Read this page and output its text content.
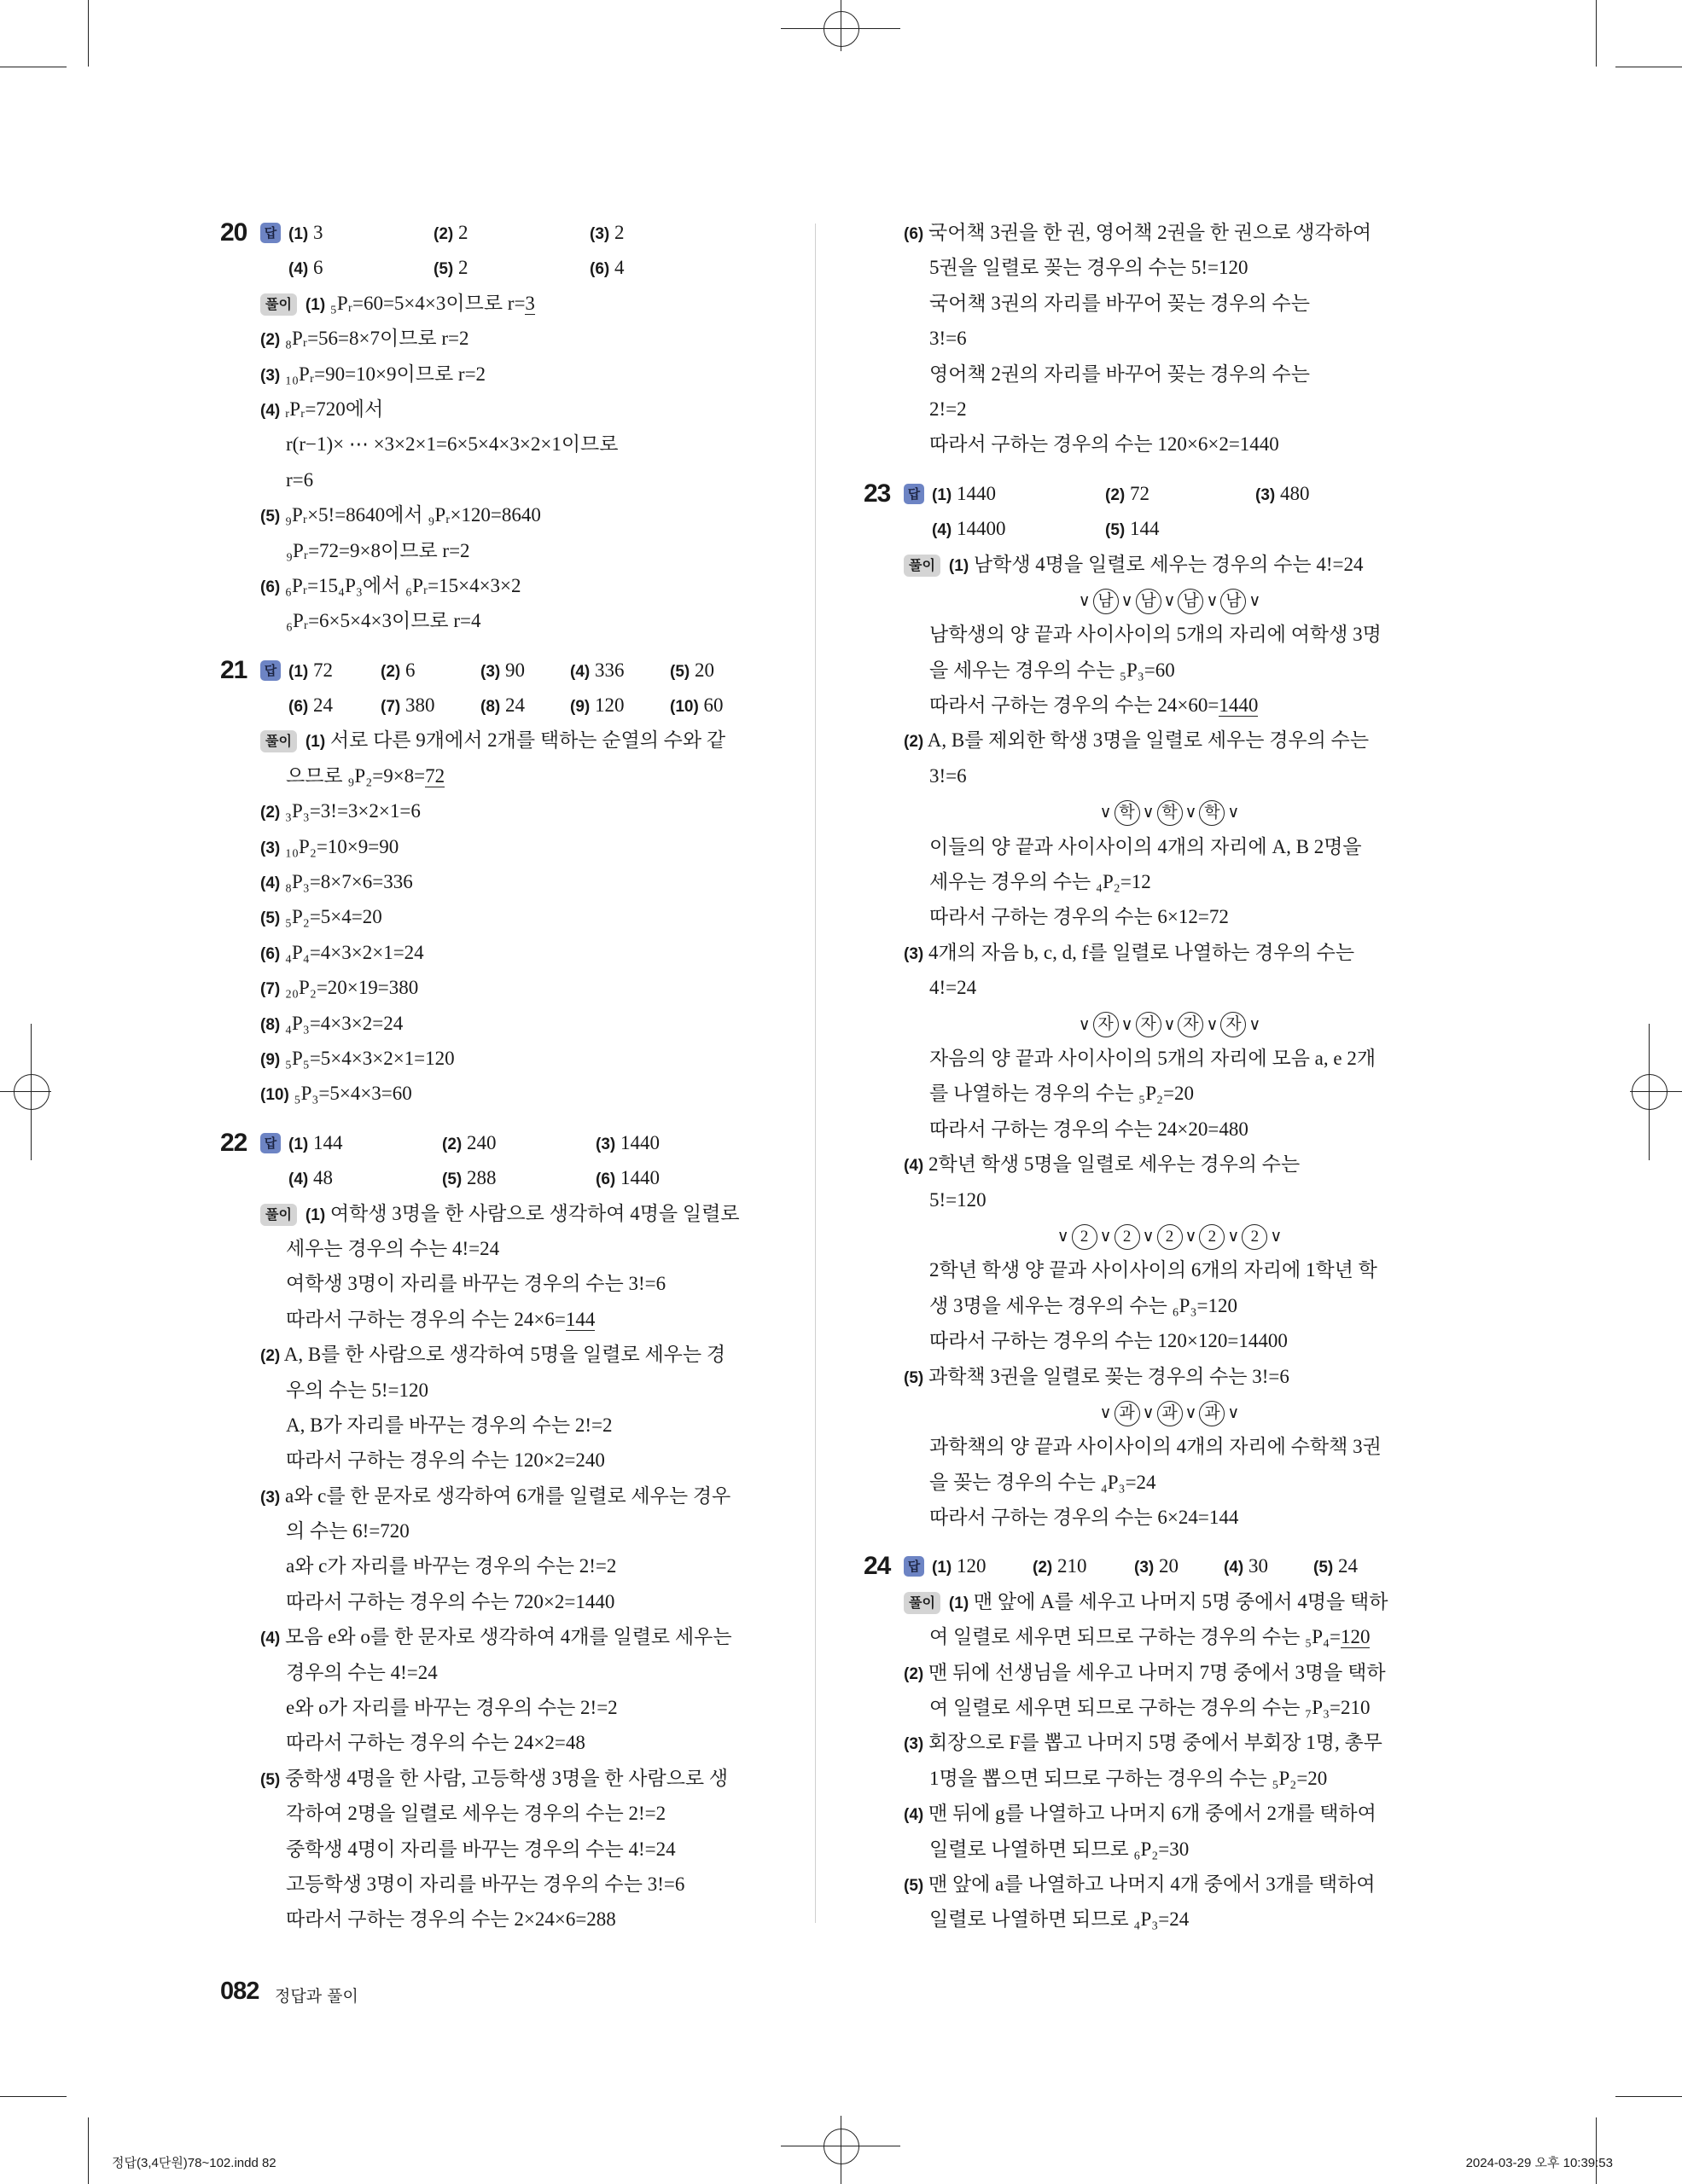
20	답 (1) 3	(2) 2	(3) 2
(4) 6	(5) 2	(6) 4
풀이 (1) ₅Pᵣ=60=5×4×3이므로 r=3
(2) ₈Pᵣ=56=8×7이므로 r=2
(3) ₁₀Pᵣ=90=10×9이므로 r=2
(4) ᵣPᵣ=720에서
r(r−1)× ⋯ ×3×2×1=6×5×4×3×2×1이므로
r=6
(5) ₉Pᵣ×5!=8640에서 ₉Pᵣ×120=8640
₉Pᵣ=72=9×8이므로 r=2
(6) ₆Pᵣ=15₄P₃에서 ₆Pᵣ=15×4×3×2
₆Pᵣ=6×5×4×3이므로 r=4
21	답 (1) 72	(2) 6	(3) 90	(4) 336	(5) 20
(6) 24	(7) 380	(8) 24	(9) 120	(10) 60
풀이 (1) 서로 다른 9개에서 2개를 택하는 순열의 수와 같
으므로 ₉P₂=9×8=72
(2) ₃P₃=3!=3×2×1=6
(3) ₁₀P₂=10×9=90
(4) ₈P₃=8×7×6=336
(5) ₅P₂=5×4=20
(6) ₄P₄=4×3×2×1=24
(7) ₂₀P₂=20×19=380
(8) ₄P₃=4×3×2=24
(9) ₅P₅=5×4×3×2×1=120
(10) ₅P₃=5×4×3=60
22	답 (1) 144	(2) 240	(3) 1440
(4) 48	(5) 288	(6) 1440
풀이 (1) 여학생 3명을 한 사람으로 생각하여 4명을 일렬로
세우는 경우의 수는 4!=24
여학생 3명이 자리를 바꾸는 경우의 수는 3!=6
따라서 구하는 경우의 수는 24×6=144
(2) A, B를 한 사람으로 생각하여 5명을 일렬로 세우는 경
우의 수는 5!=120
A, B가 자리를 바꾸는 경우의 수는 2!=2
따라서 구하는 경우의 수는 120×2=240
(3) a와 c를 한 문자로 생각하여 6개를 일렬로 세우는 경우
의 수는 6!=720
a와 c가 자리를 바꾸는 경우의 수는 2!=2
따라서 구하는 경우의 수는 720×2=1440
(4) 모음 e와 o를 한 문자로 생각하여 4개를 일렬로 세우는
경우의 수는 4!=24
e와 o가 자리를 바꾸는 경우의 수는 2!=2
따라서 구하는 경우의 수는 24×2=48
(5) 중학생 4명을 한 사람, 고등학생 3명을 한 사람으로 생
각하여 2명을 일렬로 세우는 경우의 수는 2!=2
중학생 4명이 자리를 바꾸는 경우의 수는 4!=24
고등학생 3명이 자리를 바꾸는 경우의 수는 3!=6
따라서 구하는 경우의 수는 2×24×6=288
(6) 국어책 3권을 한 권, 영어책 2권을 한 권으로 생각하여
5권을 일렬로 꽂는 경우의 수는 5!=120
국어책 3권의 자리를 바꾸어 꽂는 경우의 수는
3!=6
영어책 2권의 자리를 바꾸어 꽂는 경우의 수는
2!=2
따라서 구하는 경우의 수는 120×6×2=1440
23	답 (1) 1440	(2) 72	(3) 480
(4) 14400	(5) 144
풀이 (1) 남학생 4명을 일렬로 세우는 경우의 수는 4!=24
∨ 남 ∨ 남 ∨ 남 ∨ 남 ∨
남학생의 양 끝과 사이사이의 5개의 자리에 여학생 3명
을 세우는 경우의 수는 ₅P₃=60
따라서 구하는 경우의 수는 24×60=1440
(2) A, B를 제외한 학생 3명을 일렬로 세우는 경우의 수는
3!=6
∨ 학 ∨ 학 ∨ 학 ∨
이들의 양 끝과 사이사이의 4개의 자리에 A, B 2명을
세우는 경우의 수는 ₄P₂=12
따라서 구하는 경우의 수는 6×12=72
(3) 4개의 자음 b, c, d, f를 일렬로 나열하는 경우의 수는
4!=24
∨ 자 ∨ 자 ∨ 자 ∨ 자 ∨
자음의 양 끝과 사이사이의 5개의 자리에 모음 a, e 2개
를 나열하는 경우의 수는 ₅P₂=20
따라서 구하는 경우의 수는 24×20=480
(4) 2학년 학생 5명을 일렬로 세우는 경우의 수는
5!=120
∨ 2 ∨ 2 ∨ 2 ∨ 2 ∨ 2 ∨
2학년 학생 양 끝과 사이사이의 6개의 자리에 1학년 학
생 3명을 세우는 경우의 수는 ₆P₃=120
따라서 구하는 경우의 수는 120×120=14400
(5) 과학책 3권을 일렬로 꽂는 경우의 수는 3!=6
∨ 과 ∨ 과 ∨ 과 ∨
과학책의 양 끝과 사이사이의 4개의 자리에 수학책 3권
을 꽂는 경우의 수는 ₄P₃=24
따라서 구하는 경우의 수는 6×24=144
24	답 (1) 120	(2) 210	(3) 20	(4) 30	(5) 24
풀이 (1) 맨 앞에 A를 세우고 나머지 5명 중에서 4명을 택하
여 일렬로 세우면 되므로 구하는 경우의 수는 ₅P₄=120
(2) 맨 뒤에 선생님을 세우고 나머지 7명 중에서 3명을 택하
여 일렬로 세우면 되므로 구하는 경우의 수는 ₇P₃=210
(3) 회장으로 F를 뽑고 나머지 5명 중에서 부회장 1명, 총무
1명을 뽑으면 되므로 구하는 경우의 수는 ₅P₂=20
(4) 맨 뒤에 g를 나열하고 나머지 6개 중에서 2개를 택하여
일렬로 나열하면 되므로 ₆P₂=30
(5) 맨 앞에 a를 나열하고 나머지 4개 중에서 3개를 택하여
일렬로 나열하면 되므로 ₄P₃=24
082 정답과 풀이
정답(3,4단원)78~102.indd 82	2024-03-29 오후 10:39:53
